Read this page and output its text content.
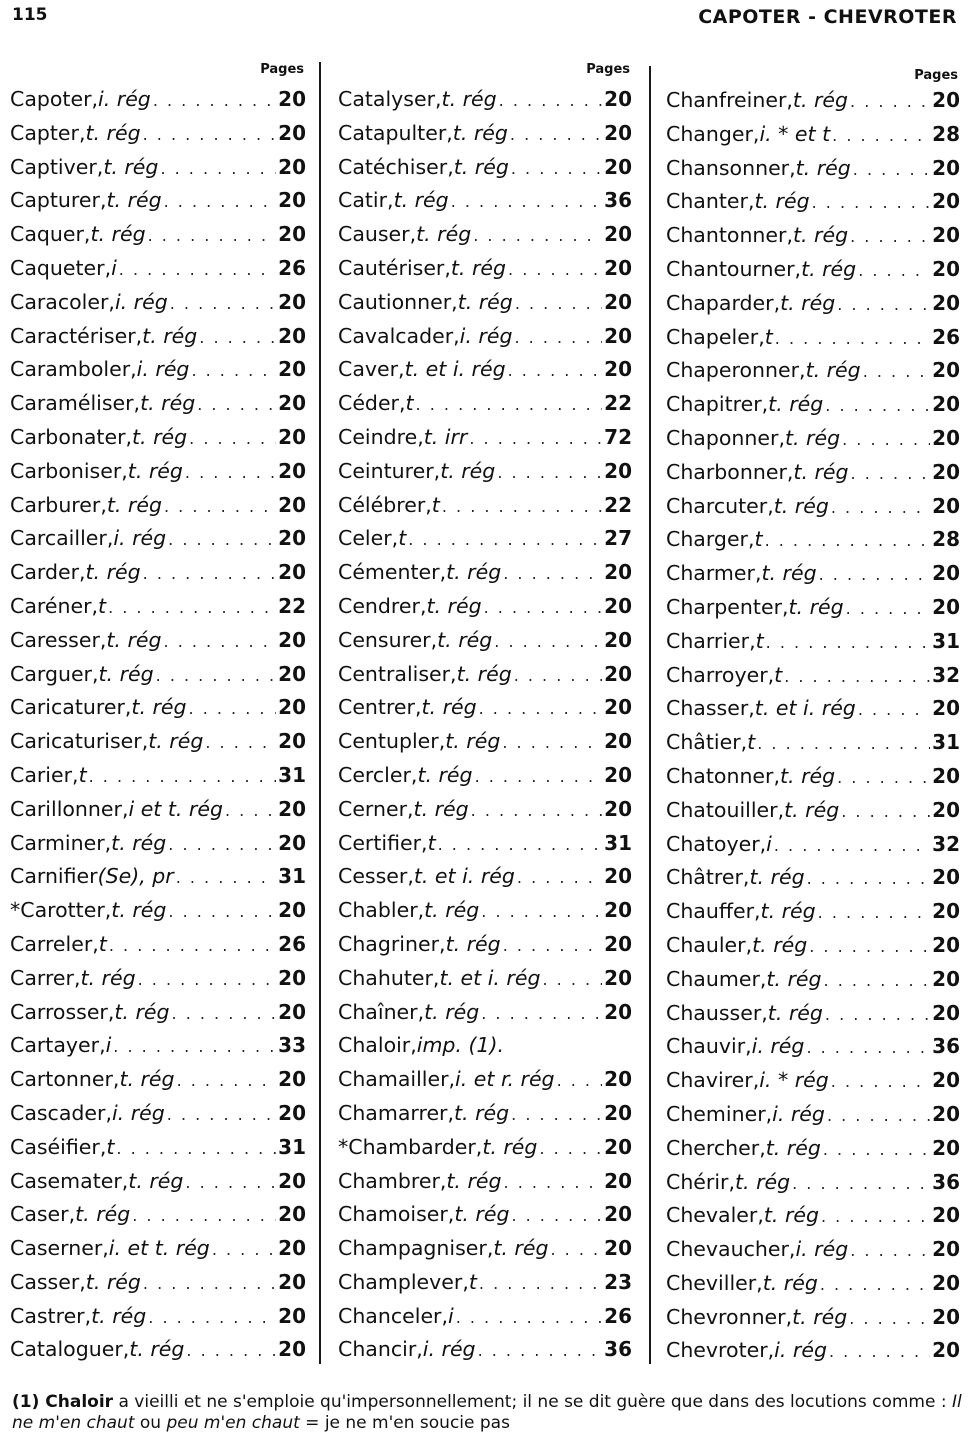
115	CAPOTER - CHEVROTER
Pages
Capoter, i. rég . . .	20
Capter, t. rég . . .	20
Captiver, t. rég . . .	20
Capturer, t. rég . . .	20
Caquer, t. rég . . .	20
Caqueter, i . . .	26
Caracoler, i. rég . . .	20
Caractériser, t. rég . . .	20
Caramboler, i. rég . . .	20
Caraméliser, t. rég . . .	20
Carbonater, t. rég . . .	20
Carboniser, t. rég . . .	20
Carburer, t. rég . . .	20
Carcailler, i. rég . . .	20
Carder, t. rég . . .	20
Caréner, t . . .	22
Caresser, t. rég . . .	20
Carguer, t. rég . . .	20
Caricaturer, t. rég . . .	20
Caricaturiser, t. rég . . .	20
Carier, t . . .	31
Carillonner, i et t. rég . . .	20
Carminer, t. rég . . .	20
Carnifier (Se), pr . . .	31
*Carotter, t. rég . . .	20
Carreler, t . . .	26
Carrer, t. rég . . .	20
Carrosser, t. rég . . .	20
Cartayer, i . . .	33
Cartonner, t. rég . . .	20
Cascader, i. rég . . .	20
Caséifier, t . . .	31
Casemater, t. rég . . .	20
Caser, t. rég . . .	20
Caserner, i. et t. rég . . .	20
Casser, t. rég . . .	20
Castrer, t. rég . . .	20
Cataloguer, t. rég . . .	20
Pages
Catalyser, t. rég . . .	20
Catapulter, t. rég . . .	20
Catéchiser, t. rég . . .	20
Catir, t. rég . . .	36
Causer, t. rég . . .	20
Cautériser, t. rég . . .	20
Cautionner, t. rég . . .	20
Cavalcader, i. rég . . .	20
Caver, t. et i. rég . . .	20
Céder, t . . .	22
Ceindre, t. irr . . .	72
Ceinturer, t. rég . . .	20
Célébrer, t . . .	22
Celer, t . . .	27
Cémenter, t. rég . . .	20
Cendrer, t. rég . . .	20
Censurer, t. rég . . .	20
Centraliser, t. rég . . .	20
Centrer, t. rég . . .	20
Centupler, t. rég . . .	20
Cercler, t. rég . . .	20
Cerner, t. rég . . .	20
Certifier, t . . .	31
Cesser, t. et i. rég . . .	20
Chabler, t. rég . . .	20
Chagriner, t. rég . . .	20
Chahuter, t. et i. rég . . .	20
Chaîner, t. rég . . .	20
Chaloir, imp. (1).
Chamailler, i. et r. rég . . . 20
Chamarrer, t. rég . . .	20
*Chambarder, t. rég . . .	20
Chambrer, t. rég . . .	20
Chamoiser, t. rég . . .	20
Champagniser, t. rég . . .	20
Champlever, t . . .	23
Chanceler, i . . .	26
Chancir, i. rég . . .	36
Pages
Chanfreiner, t. rég . . .	20
Changer, i. * et t . . .	28
Chansonner, t. rég . . .	20
Chanter, t. rég . . .	20
Chantonner, t. rég . . .	20
Chantourner, t. rég . . .	20
Chaparder, t. rég . . .	20
Chapeler, t . . .	26
Chaperonner, t. rég . . .	20
Chapitrer, t. rég . . .	20
Chaponner, t. rég . . .	20
Charbonner, t. rég . . .	20
Charcuter, t. rég . . .	20
Charger, t . . .	28
Charmer, t. rég . . .	20
Charpenter, t. rég . . .	20
Charrier, t . . .	31
Charroyer, t . . .	32
Chasser, t. et i. rég . . .	20
Châtier, t . . .	31
Chatonner, t. rég . . .	20
Chatouiller, t. rég . . .	20
Chatoyer, i . . .	32
Châtrer, t. rég . . .	20
Chauffer, t. rég . . .	20
Chauler, t. rég . . .	20
Chaumer, t. rég . . .	20
Chausser, t. rég . . .	20
Chauvir, i. rég . . .	36
Chavirer, i. * rég . . .	20
Cheminer, i. rég . . .	20
Chercher, t. rég . . .	20
Chérir, t. rég . . .	36
Chevaler, t. rég . . .	20
Chevaucher, i. rég . . .	20
Cheviller, t. rég . . .	20
Chevronner, t. rég . . .	20
Chevroter, i. rég . . .	20
(1) Chaloir a vieilli et ne s'emploie qu'impersonnellement; il ne se dit guère que dans des locutions comme : Il ne m'en chaut ou peu m'en chaut = je ne m'en soucie pas
